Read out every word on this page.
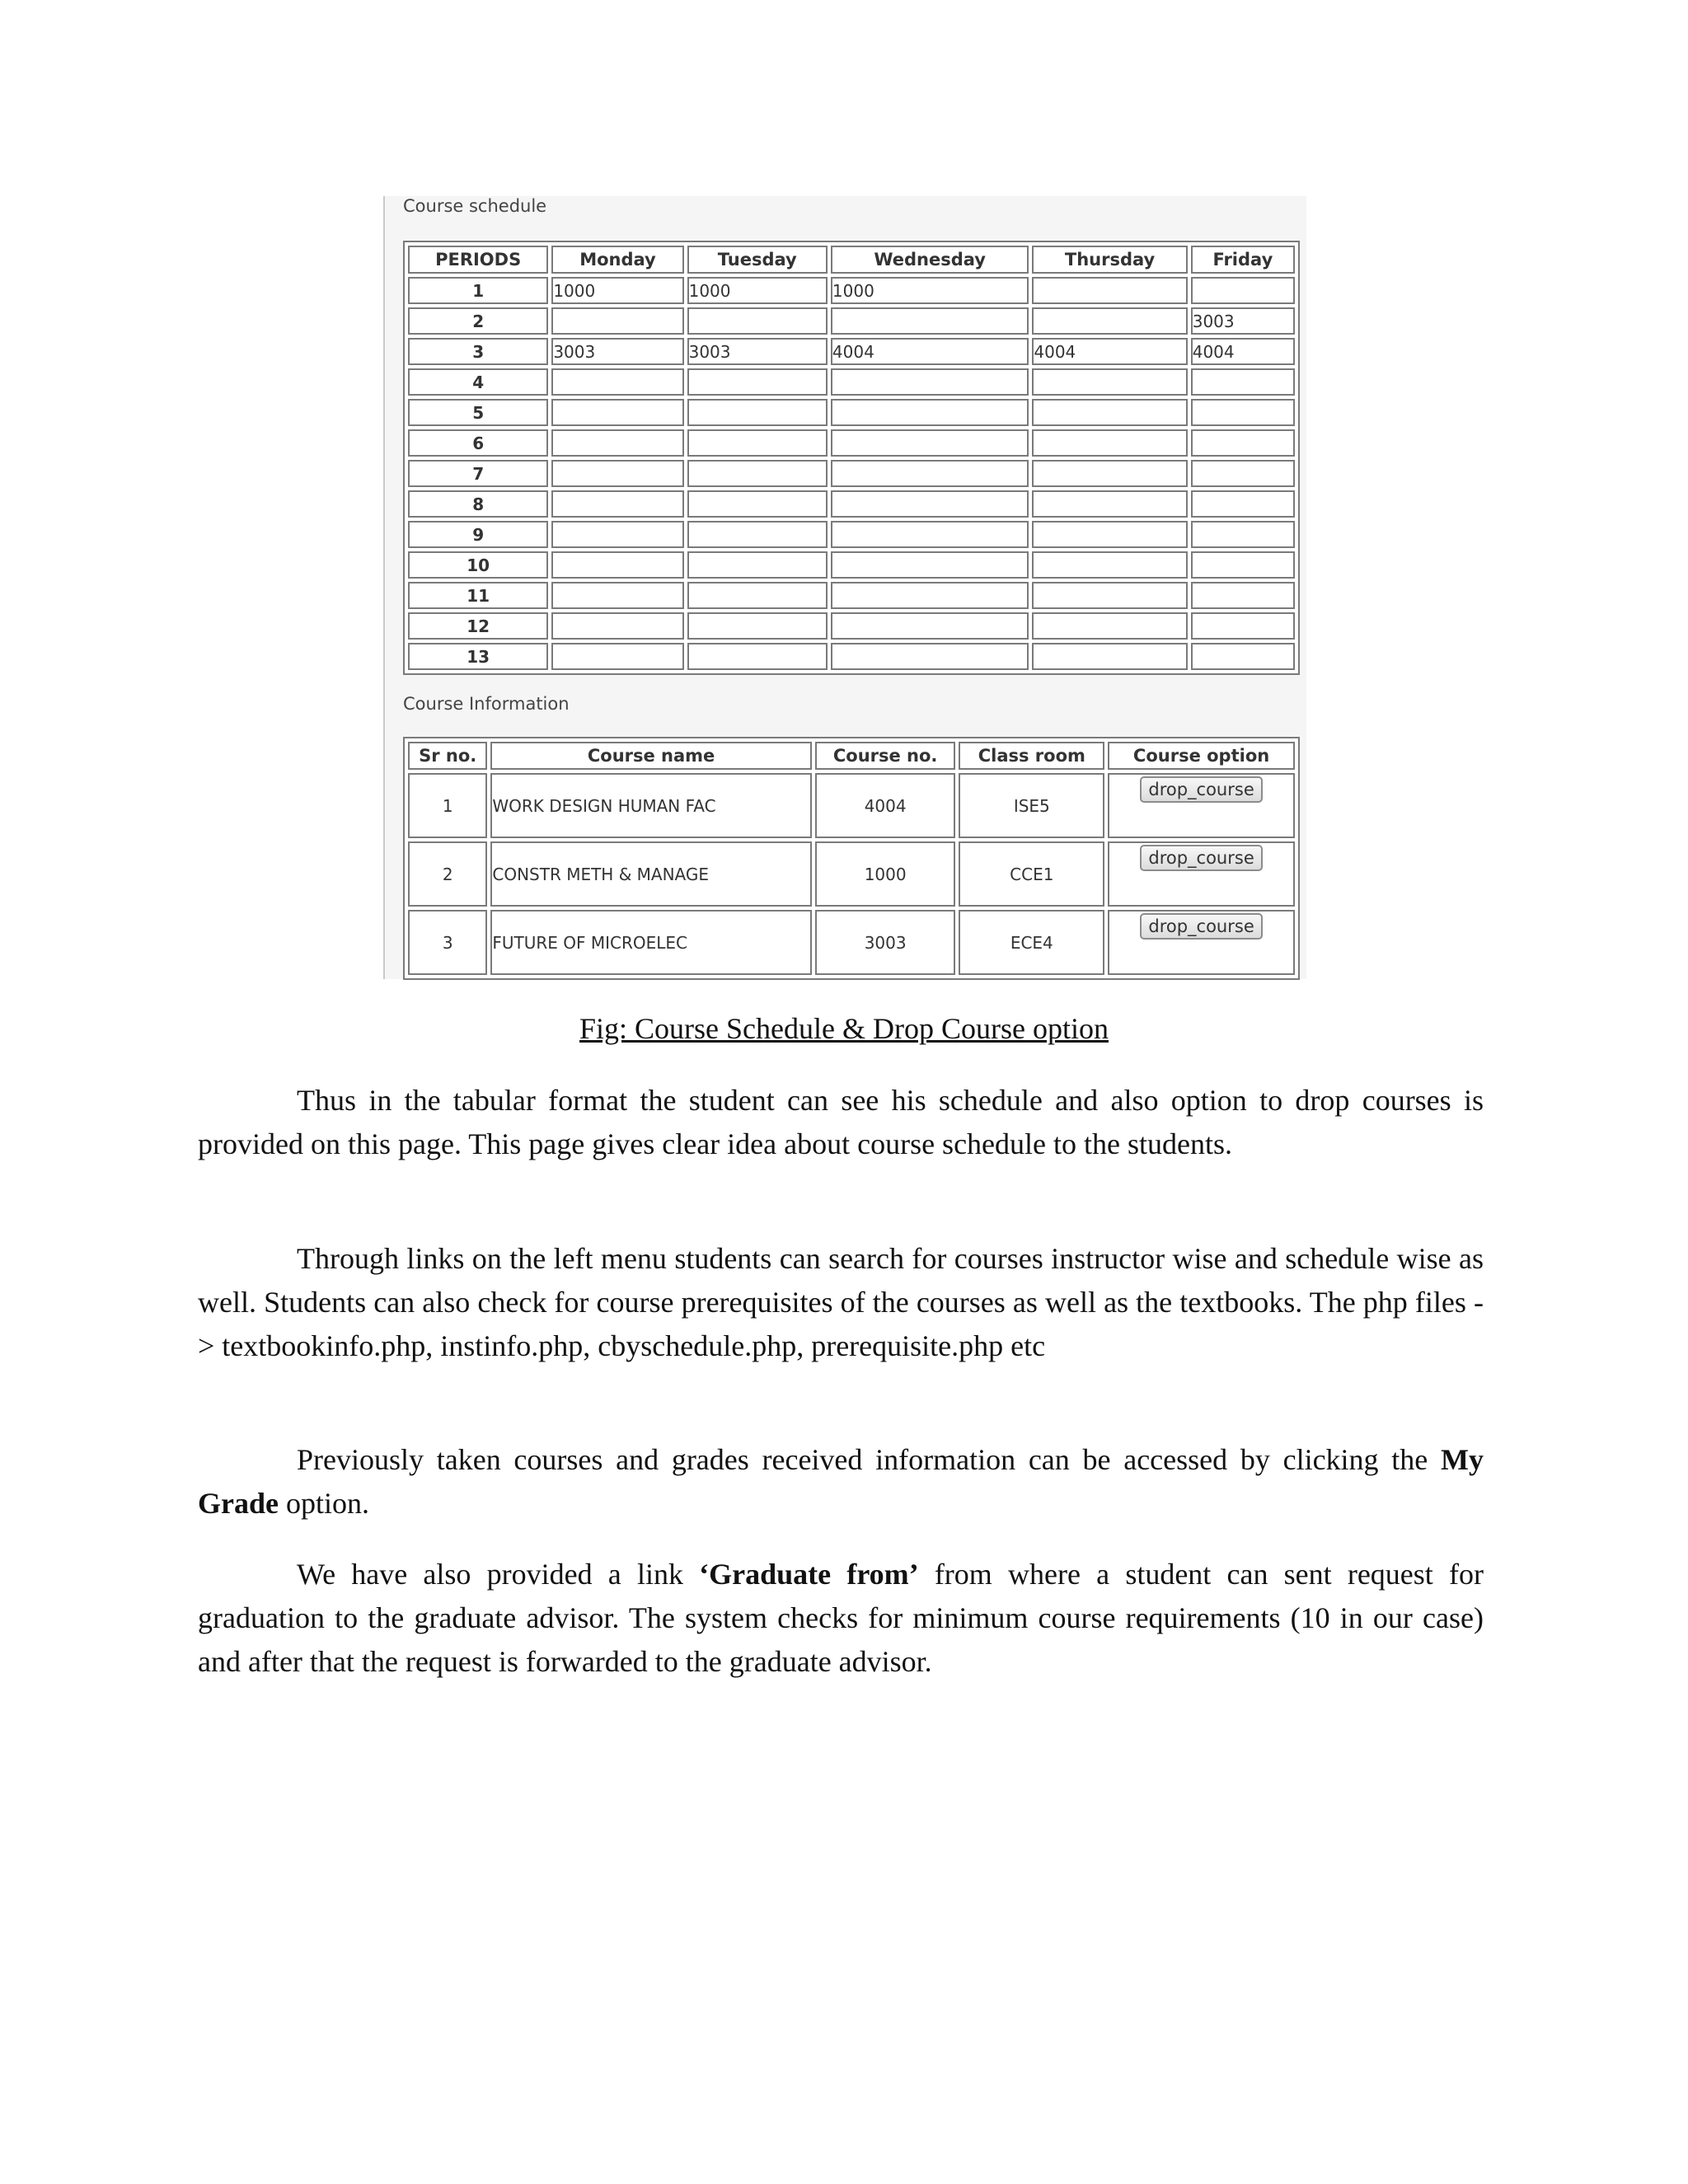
Course schedule
PERIODS	Monday	Tuesday	Wednesday	Thursday	Friday
1	1000	1000	1000		
2					3003
3	3003	3003	4004	4004	4004
4					
5					
6					
7					
8					
9					
10					
11					
12					
13					
Course Information
Sr no.	Course name	Course no.	Class room	Course option
1	WORK DESIGN HUMAN FAC	4004	ISE5	drop_course
2	CONSTR METH & MANAGE	1000	CCE1	drop_course
3	FUTURE OF MICROELEC	3003	ECE4	drop_course
Fig: Course Schedule & Drop Course option

Thus in the tabular format the student can see his schedule and also option to drop courses is provided on this page. This page gives clear idea about course schedule to the students.

Through links on the left menu students can search for courses instructor wise and schedule wise as well. Students can also check for course prerequisites of the courses as well as the textbooks. The php files -> textbookinfo.php, instinfo.php, cbyschedule.php, prerequisite.php etc

Previously taken courses and grades received information can be accessed by clicking the My Grade option.

We have also provided a link ‘Graduate from’ from where a student can sent request for graduation to the graduate advisor. The system checks for minimum course requirements (10 in our case) and after that the request is forwarded to the graduate advisor.
